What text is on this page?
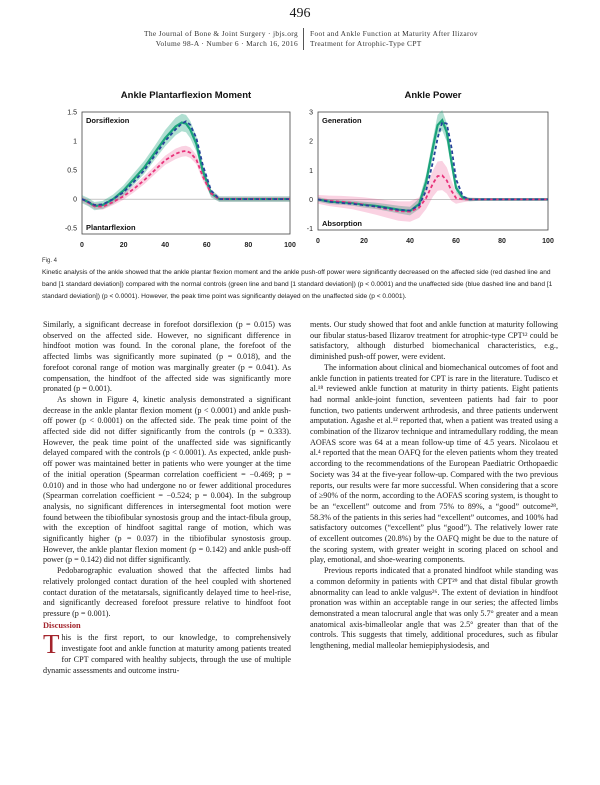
496
The Journal of Bone & Joint Surgery · jbjs.org
Volume 98-A · Number 6 · March 16, 2016
Foot and Ankle Function at Maturity After Ilizarov
Treatment for Atrophic-Type CPT
Ankle Plantarflexion Moment
0	20	40	60	80	100
1.5
1
0.5
0
-0.5
Dorsiflexion
Plantarflexion
Ankle Power
0	20	40	60	80	100
3
2
1
0
-1
Generation
Absorption
Fig. 4
Kinetic analysis of the ankle showed that the ankle plantar flexion moment and the ankle push-off power were significantly decreased on the affected side (red dashed line and band [1 standard deviation]) compared with the normal controls (green line and band [1 standard deviation]) (p < 0.0001) and the unaffected side (blue dashed line and band [1 standard deviation]) (p < 0.0001). However, the peak time point was significantly delayed on the unaffected side (p < 0.0001).

Similarly, a significant decrease in forefoot dorsiflexion (p = 0.015) was observed on the affected side. However, no significant difference in hindfoot motion was found. In the coronal plane, the forefoot of the affected limbs was significantly more supinated (p = 0.018), and the forefoot coronal range of motion was marginally greater (p = 0.041). As compensation, the hindfoot of the affected side was significantly more pronated (p = 0.001).

As shown in Figure 4, kinetic analysis demonstrated a significant decrease in the ankle plantar flexion moment (p < 0.0001) and ankle push-off power (p < 0.0001) on the affected side. The peak time point of the affected side did not differ significantly from the controls (p = 0.333). However, the peak time point of the unaffected side was significantly delayed compared with the controls (p < 0.0001). As expected, ankle push-off power was maintained better in patients who were younger at the time of the initial operation (Spearman correlation coefficient = −0.469; p = 0.010) and in those who had undergone no or fewer additional procedures (Spearman correlation coefficient = −0.524; p = 0.004). In the subgroup analysis, no significant differences in intersegmental foot motion were found between the tibiofibular synostosis group and the intact-fibula group, with the exception of hindfoot sagittal range of motion, which was significantly higher (p = 0.037) in the tibiofibular synostosis group. However, the ankle plantar flexion moment (p = 0.142) and ankle push-off power (p = 0.142) did not differ significantly.

Pedobarographic evaluation showed that the affected limbs had relatively prolonged contact duration of the heel coupled with shortened contact duration of the metatarsals, significantly delayed time to heel-rise, and significantly decreased forefoot pressure relative to hindfoot foot pressure (p = 0.001).

Discussion

This is the first report, to our knowledge, to comprehensively investigate foot and ankle function at maturity among patients treated for CPT compared with healthy subjects, through the use of multiple dynamic assessments and outcome instru-

ments. Our study showed that foot and ankle function at maturity following our fibular status-based Ilizarov treatment for atrophic-type CPT¹² could be satisfactory, although disturbed biomechanical characteristics, e.g., diminished push-off power, were evident.

The information about clinical and biomechanical outcomes of foot and ankle function in patients treated for CPT is rare in the literature. Tudisco et al.¹⁸ reviewed ankle function at maturity in thirty patients. Eight patients had normal ankle-joint function, seventeen patients had fair to poor function, two patients underwent arthrodesis, and three patients underwent amputation. Agashe et al.¹² reported that, when a patient was treated using a combination of the Ilizarov technique and intramedullary rodding, the mean AOFAS score was 64 at a mean follow-up time of 4.5 years. Nicolaou et al.⁴ reported that the mean OAFQ for the eleven patients whom they treated according to the recommendations of the European Paediatric Orthopaedic Society was 34 at the five-year follow-up. Compared with the two previous reports, our results were far more successful. When considering that a score of ≥90% of the norm, according to the AOFAS scoring system, is thought to be an “excellent” outcome and from 75% to 89%, a “good” outcome²⁸, 58.3% of the patients in this series had “excellent” outcomes, and 100% had satisfactory outcomes (“excellent” plus “good”). The relatively lower rate of excellent outcomes (20.8%) by the OAFQ might be due to the nature of the scoring system, with greater weight in scoring placed on school and play, emotional, and shoe-wearing components.

Previous reports indicated that a pronated hindfoot while standing was a common deformity in patients with CPT²⁹ and that distal fibular growth abnormality can lead to ankle valgus²⁶. The extent of deviation in hindfoot pronation was within an acceptable range in our series; the affected limbs demonstrated a mean talocrural angle that was only 5.7° greater and a mean anatomical axis-bimalleolar angle that was 2.5° greater than that of the controls. This suggests that timely, additional procedures, such as fibular lengthening, medial malleolar hemiepiphysiodesis, and
